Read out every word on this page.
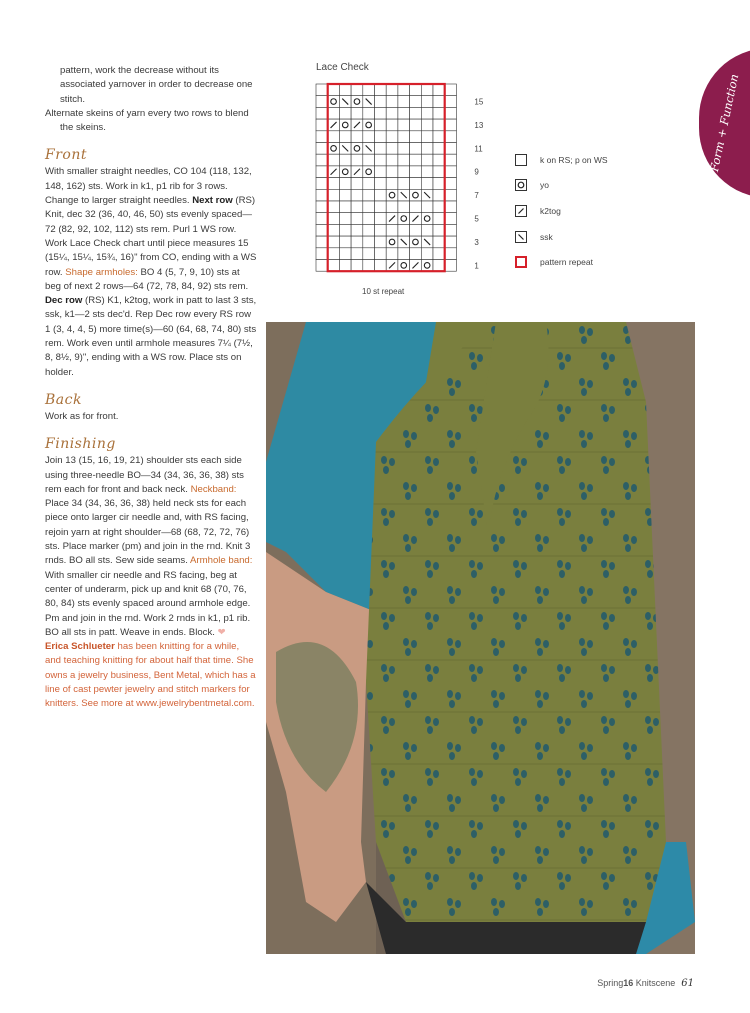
pattern, work the decrease without its associated yarnover in order to decrease one stitch.

Alternate skeins of yarn every two rows to blend the skeins.

Front

With smaller straight needles, CO 104 (118, 132, 148, 162) sts. Work in k1, p1 rib for 3 rows. Change to larger straight needles. Next row (RS) Knit, dec 32 (36, 40, 46, 50) sts evenly spaced—72 (82, 92, 102, 112) sts rem. Purl 1 WS row. Work Lace Check chart until piece measures 15 (15¼, 15¼, 15¾, 16)" from CO, ending with a WS row. Shape armholes: BO 4 (5, 7, 9, 10) sts at beg of next 2 rows—64 (72, 78, 84, 92) sts rem. Dec row (RS) K1, k2tog, work in patt to last 3 sts, ssk, k1—2 sts dec'd. Rep Dec row every RS row 1 (3, 4, 4, 5) more time(s)—60 (64, 68, 74, 80) sts rem. Work even until armhole measures 7¼ (7½, 8, 8½, 9)", ending with a WS row. Place sts on holder.

Back

Work as for front.

Finishing

Join 13 (15, 16, 19, 21) shoulder sts each side using three-needle BO—34 (34, 36, 36, 38) sts rem each for front and back neck. Neckband: Place 34 (34, 36, 36, 38) held neck sts for each piece onto larger cir needle and, with RS facing, rejoin yarn at right shoulder—68 (68, 72, 72, 76) sts. Place marker (pm) and join in the rnd. Knit 3 rnds. BO all sts. Sew side seams. Armhole band: With smaller cir needle and RS facing, beg at center of underarm, pick up and knit 68 (70, 76, 80, 84) sts evenly spaced around armhole edge. Pm and join in the rnd. Work 2 rnds in k1, p1 rib. BO all sts in patt. Weave in ends. Block. ❤

Erica Schlueter has been knitting for a while, and teaching knitting for about half that time. She owns a jewelry business, Bent Metal, which has a line of cast pewter jewelry and stitch markers for knitters. See more at www.jewelrybentmetal.com.

Lace Check
15
13
11
9
7
5
3
1
10 st repeat
k on RS; p on WS
yo
k2tog
ssk
pattern repeat
Form + Function
Spring16 Knitscene 61
